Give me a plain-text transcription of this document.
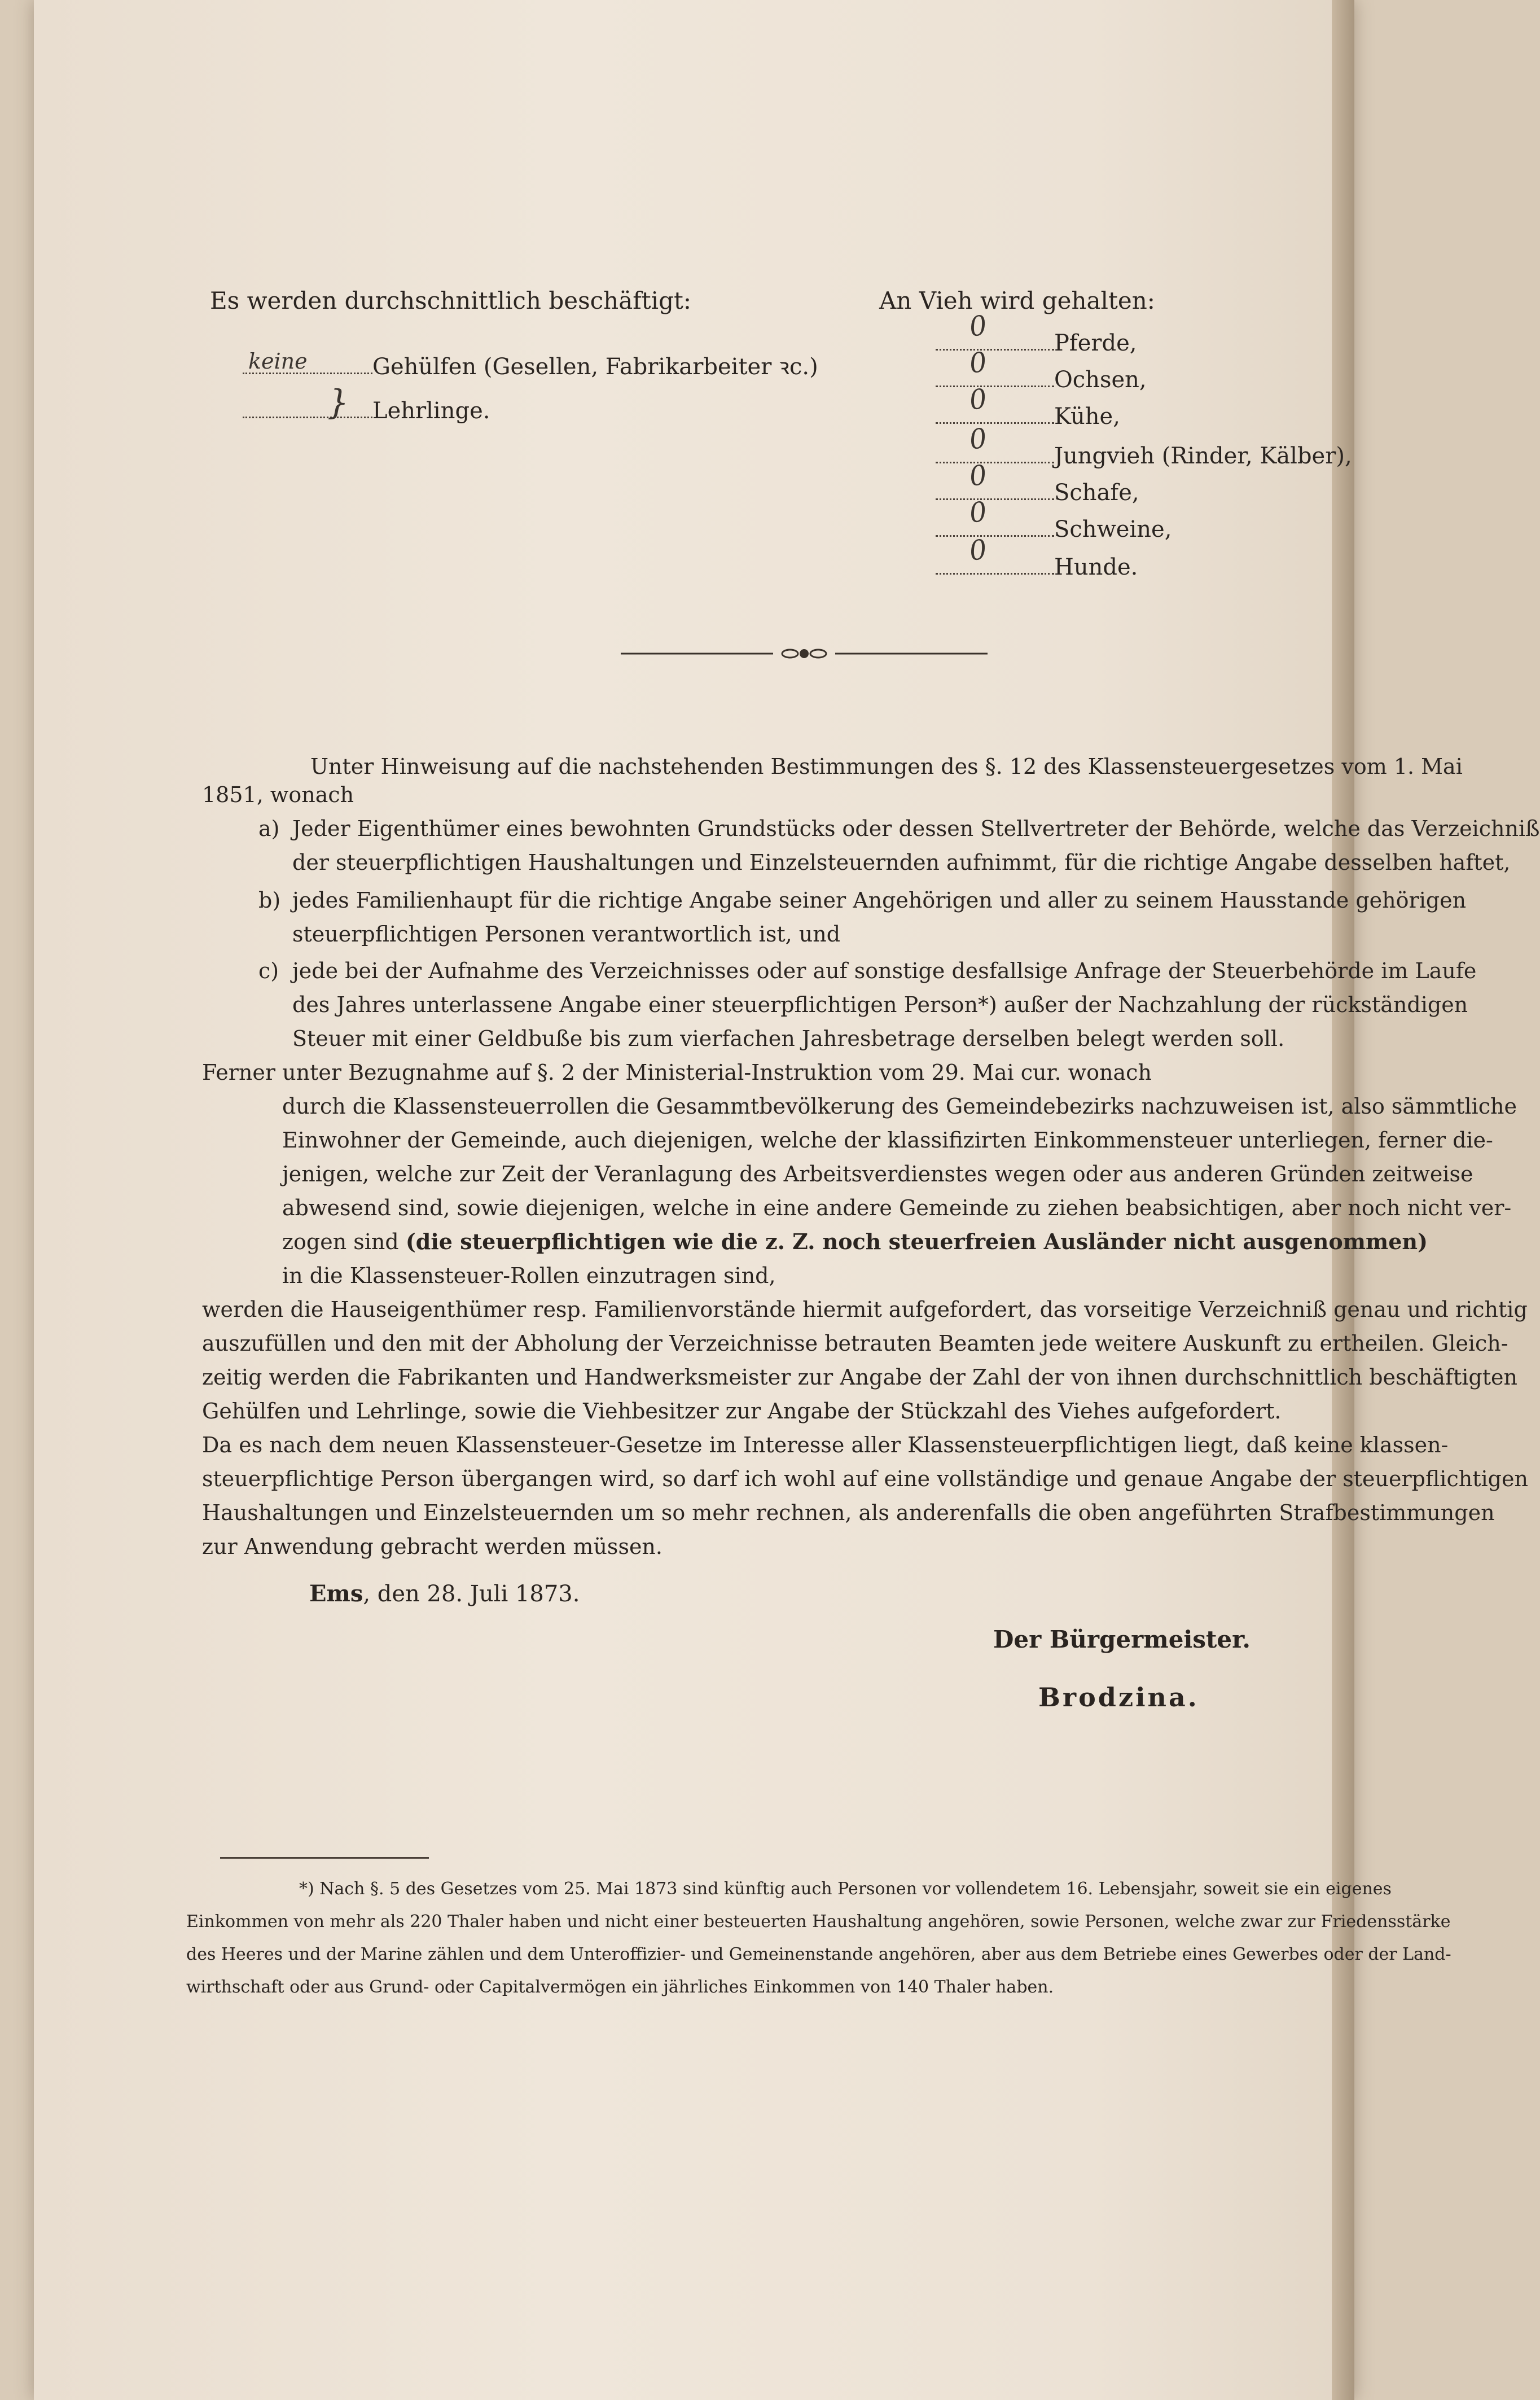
Es werden durchschnittlich beschäftigt:	An Vieh wird gehalten:
keine	Gehülfen (Gesellen, Fabrikarbeiter ꝛc.)
} Lehrlinge.
0
Pferde,
0
Ochsen,
0
Kühe,
0
Jungvieh (Rinder, Kälber),
0
Schafe,
0
Schweine,
0
Hunde.
Unter Hinweisung auf die nachstehenden Bestimmungen des §. 12 des Klassensteuergesetzes vom 1. Mai
1851, wonach
a) Jeder Eigenthümer eines bewohnten Grundstücks oder dessen Stellvertreter der Behörde, welche das Verzeichniß
der steuerpflichtigen Haushaltungen und Einzelsteuernden aufnimmt, für die richtige Angabe desselben haftet,
b) jedes Familienhaupt für die richtige Angabe seiner Angehörigen und aller zu seinem Hausstande gehörigen
steuerpflichtigen Personen verantwortlich ist, und
c) jede bei der Aufnahme des Verzeichnisses oder auf sonstige desfallsige Anfrage der Steuerbehörde im Laufe
des Jahres unterlassene Angabe einer steuerpflichtigen Person*) außer der Nachzahlung der rückständigen
Steuer mit einer Geldbuße bis zum vierfachen Jahresbetrage derselben belegt werden soll.
Ferner unter Bezugnahme auf §. 2 der Ministerial-Instruktion vom 29. Mai cur. wonach
durch die Klassensteuerrollen die Gesammtbevölkerung des Gemeindebezirks nachzuweisen ist, also sämmtliche
Einwohner der Gemeinde, auch diejenigen, welche der klassifizirten Einkommensteuer unterliegen, ferner die-
jenigen, welche zur Zeit der Veranlagung des Arbeitsverdienstes wegen oder aus anderen Gründen zeitweise
abwesend sind, sowie diejenigen, welche in eine andere Gemeinde zu ziehen beabsichtigen, aber noch nicht ver-
zogen sind (die steuerpflichtigen wie die z. Z. noch steuerfreien Ausländer nicht ausgenommen)
in die Klassensteuer-Rollen einzutragen sind,
werden die Hauseigenthümer resp. Familienvorstände hiermit aufgefordert, das vorseitige Verzeichniß genau und richtig
auszufüllen und den mit der Abholung der Verzeichnisse betrauten Beamten jede weitere Auskunft zu ertheilen. Gleich-
zeitig werden die Fabrikanten und Handwerksmeister zur Angabe der Zahl der von ihnen durchschnittlich beschäftigten
Gehülfen und Lehrlinge, sowie die Viehbesitzer zur Angabe der Stückzahl des Viehes aufgefordert.
Da es nach dem neuen Klassensteuer-Gesetze im Interesse aller Klassensteuerpflichtigen liegt, daß keine klassen-
steuerpflichtige Person übergangen wird, so darf ich wohl auf eine vollständige und genaue Angabe der steuerpflichtigen
Haushaltungen und Einzelsteuernden um so mehr rechnen, als anderenfalls die oben angeführten Strafbestimmungen
zur Anwendung gebracht werden müssen.
Ems, den 28. Juli 1873.
Der Bürgermeister.
Brodzina.
*) Nach §. 5 des Gesetzes vom 25. Mai 1873 sind künftig auch Personen vor vollendetem 16. Lebensjahr, soweit sie ein eigenes
Einkommen von mehr als 220 Thaler haben und nicht einer besteuerten Haushaltung angehören, sowie Personen, welche zwar zur Friedensstärke
des Heeres und der Marine zählen und dem Unteroffizier- und Gemeinenstande angehören, aber aus dem Betriebe eines Gewerbes oder der Land-
wirthschaft oder aus Grund- oder Capitalvermögen ein jährliches Einkommen von 140 Thaler haben.
